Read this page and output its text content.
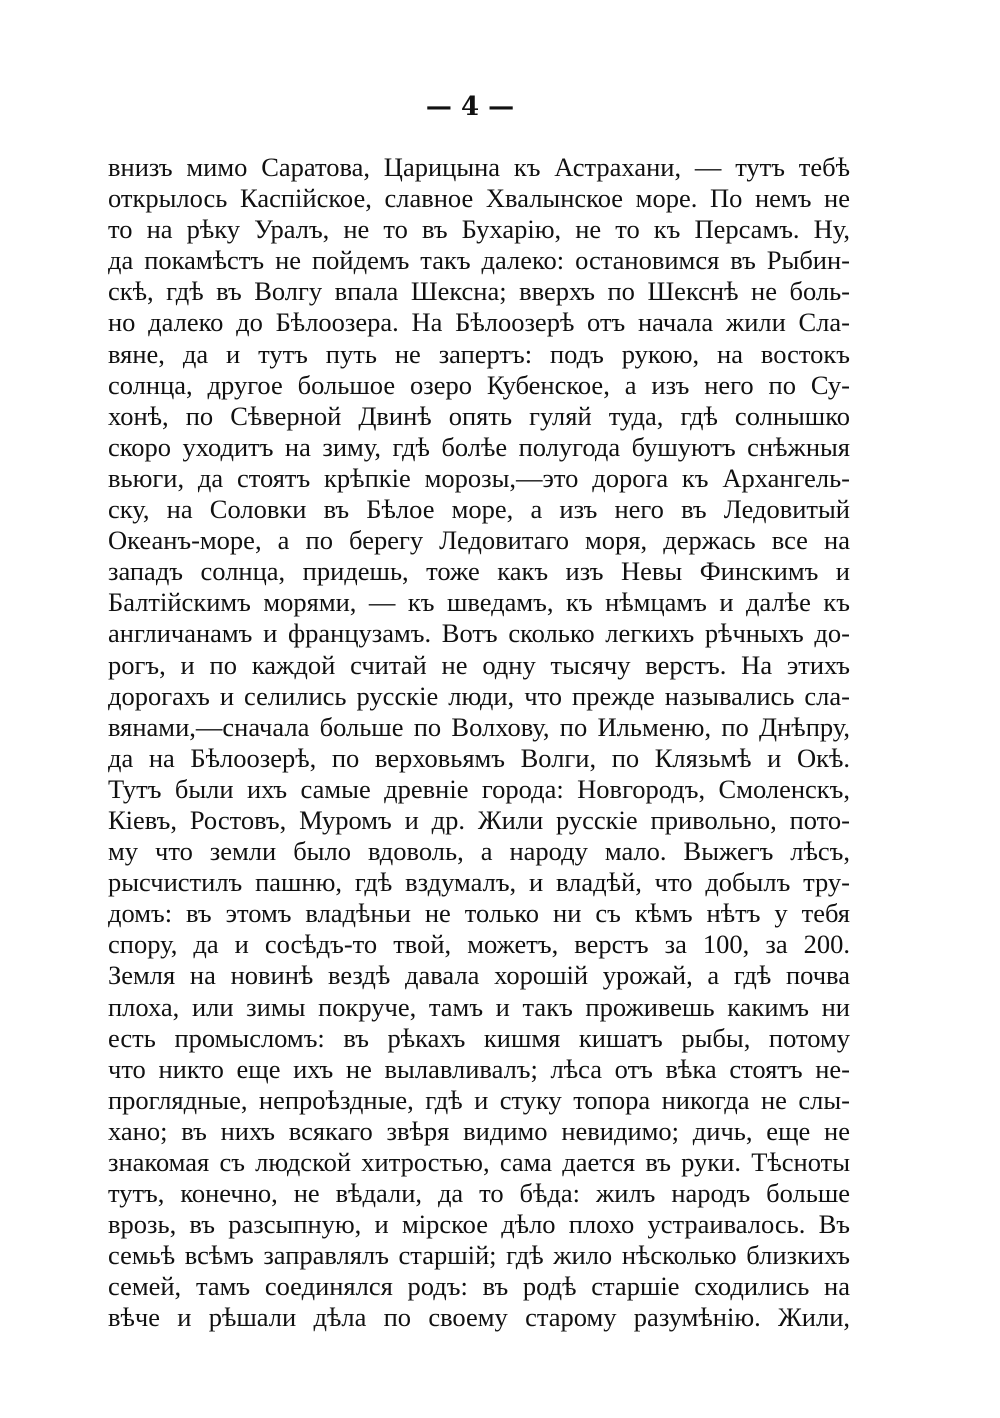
— 4 —
внизъ мимо Саратова, Царицына къ Астрахани, — тутъ тебѣ
открылось Каспійское, славное Хвалынское море. По немъ не
то на рѣку Уралъ, не то въ Бухарію, не то къ Персамъ. Ну,
да покамѣстъ не пойдемъ такъ далеко: остановимся въ Рыбин-
скѣ, гдѣ въ Волгу впала Шексна; вверхъ по Шекснѣ не боль-
но далеко до Бѣлоозера. На Бѣлоозерѣ отъ начала жили Сла-
вяне, да и тутъ путь не запертъ: подъ рукою, на востокъ
солнца, другое большое озеро Кубенское, а изъ него по Су-
хонѣ, по Сѣверной Двинѣ опять гуляй туда, гдѣ солнышко
скоро уходитъ на зиму, гдѣ болѣе полугода бушуютъ снѣжныя
вьюги, да стоятъ крѣпкіе морозы,—это дорога къ Архангель-
ску, на Соловки въ Бѣлое море, а изъ него въ Ледовитый
Океанъ-море, а по берегу Ледовитаго моря, держась все на
западъ солнца, придешь, тоже какъ изъ Невы Финскимъ и
Балтійскимъ морями, — къ шведамъ, къ нѣмцамъ и далѣе къ
англичанамъ и французамъ. Вотъ сколько легкихъ рѣчныхъ до-
рогъ, и по каждой считай не одну тысячу верстъ. На этихъ
дорогахъ и селились русскіе люди, что прежде назывались сла-
вянами,—сначала больше по Волхову, по Ильменю, по Днѣпру,
да на Бѣлоозерѣ, по верховьямъ Волги, по Клязьмѣ и Окѣ.
Тутъ были ихъ самые древніе города: Новгородъ, Смоленскъ,
Кіевъ, Ростовъ, Муромъ и др. Жили русскіе привольно, пото-
му что земли было вдоволь, а народу мало. Выжегъ лѣсъ,
рысчистилъ пашню, гдѣ вздумалъ, и владѣй, что добылъ тру-
домъ: въ этомъ владѣньи не только ни съ кѣмъ нѣтъ у тебя
спору, да и сосѣдъ-то твой, можетъ, верстъ за 100, за 200.
Земля на новинѣ вездѣ давала хорошій урожай, а гдѣ почва
плоха, или зимы покруче, тамъ и такъ проживешь какимъ ни
есть промысломъ: въ рѣкахъ кишмя кишатъ рыбы, потому
что никто еще ихъ не вылавливалъ; лѣса отъ вѣка стоятъ не-
проглядные, непроѣздные, гдѣ и стуку топора никогда не слы-
хано; въ нихъ всякаго звѣря видимо невидимо; дичь, еще не
знакомая съ людской хитростью, сама дается въ руки. Тѣсноты
тутъ, конечно, не вѣдали, да то бѣда: жилъ народъ больше
врозь, въ разсыпную, и мірское дѣло плохо устраивалось. Въ
семьѣ всѣмъ заправлялъ старшій; гдѣ жило нѣсколько близкихъ
семей, тамъ соединялся родъ: въ родѣ старшіе сходились на
вѣче и рѣшали дѣла по своему старому разумѣнію. Жили,
